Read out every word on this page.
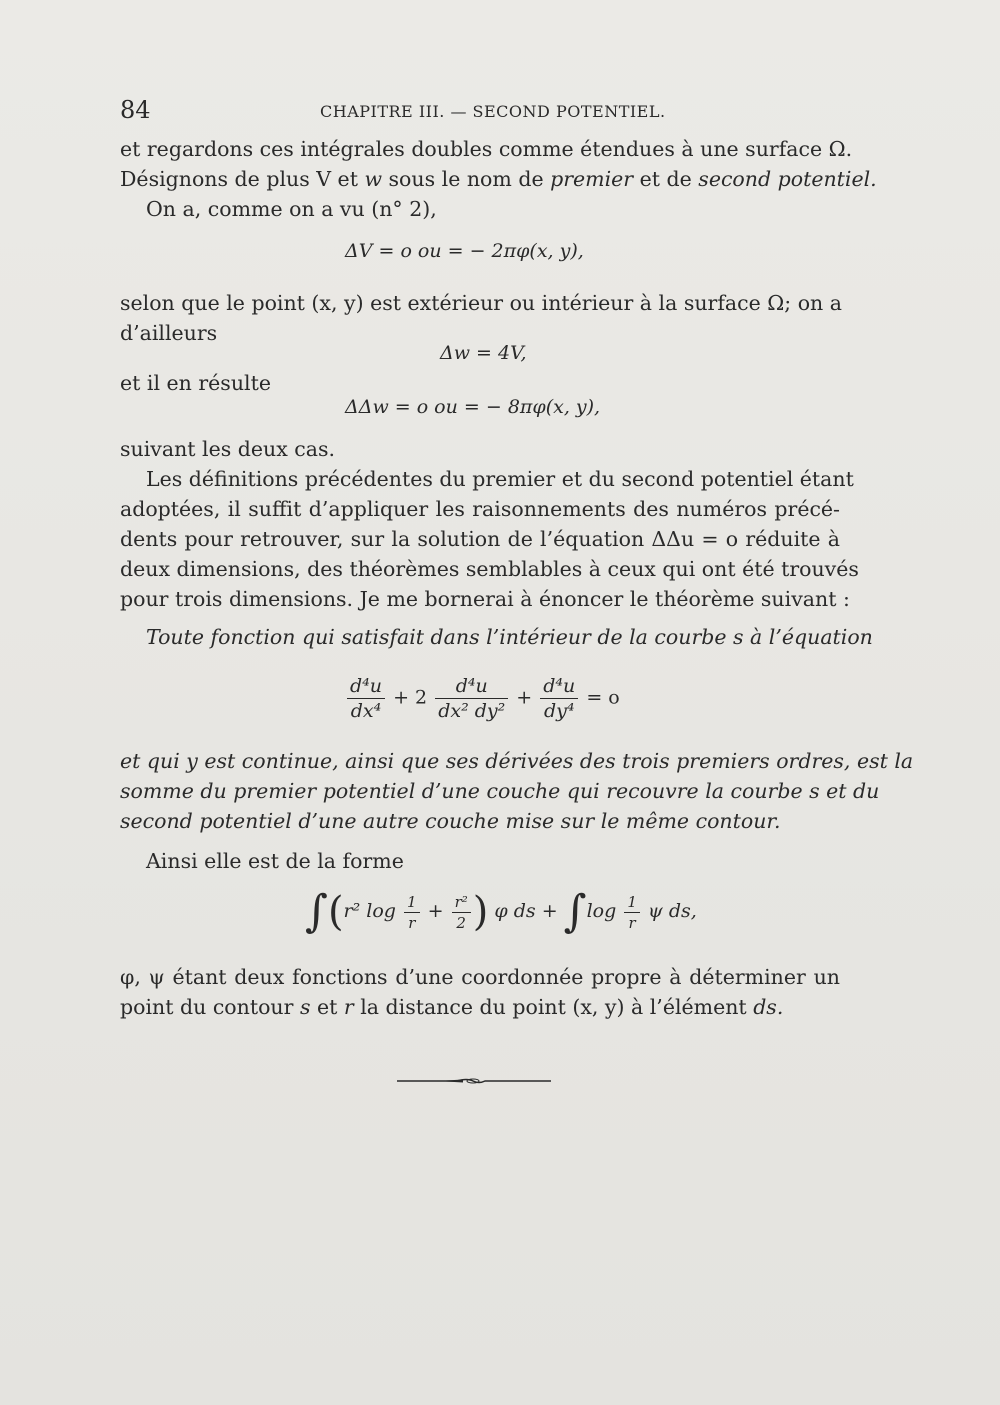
84	CHAPITRE III. — SECOND POTENTIEL.
et regardons ces intégrales doubles comme étendues à une surface Ω.
Désignons de plus V et w sous le nom de premier et de second potentiel.
On a, comme on a vu (n° 2),
ΔV = o ou = − 2πφ(x, y),
selon que le point (x, y) est extérieur ou intérieur à la surface Ω; on a
d’ailleurs
Δw = 4V,
et il en résulte
ΔΔw = o ou = − 8πφ(x, y),
suivant les deux cas.
Les définitions précédentes du premier et du second potentiel étant
adoptées, il suffit d’appliquer les raisonnements des numéros précé-
dents pour retrouver, sur la solution de l’équation ΔΔu = o réduite à
deux dimensions, des théorèmes semblables à ceux qui ont été trouvés
pour trois dimensions. Je me bornerai à énoncer le théorème suivant :
Toute fonction qui satisfait dans l’intérieur de la courbe s à l’équation
$\frac{\text{d⁴u}}{\text{dx⁴}} + 2 \frac{\text{d⁴u}}{\text{dx² dy²}} + \frac{\text{d⁴u}}{\text{dy⁴}} = o$
et qui y est continue, ainsi que ses dérivées des trois premiers ordres, est la
somme du premier potentiel d’une couche qui recouvre la courbe s et du
second potentiel d’une autre couche mise sur le même contour.
Ainsi elle est de la forme
∫(r² $\log \frac{1}{r} + \frac{\text{r²}}{2}$ ) φ ds + $\int\log \frac{1}{r}$ ψ ds,
φ, ψ étant deux fonctions d’une coordonnée propre à déterminer un
point du contour s et r la distance du point (x, y) à l’élément ds.
